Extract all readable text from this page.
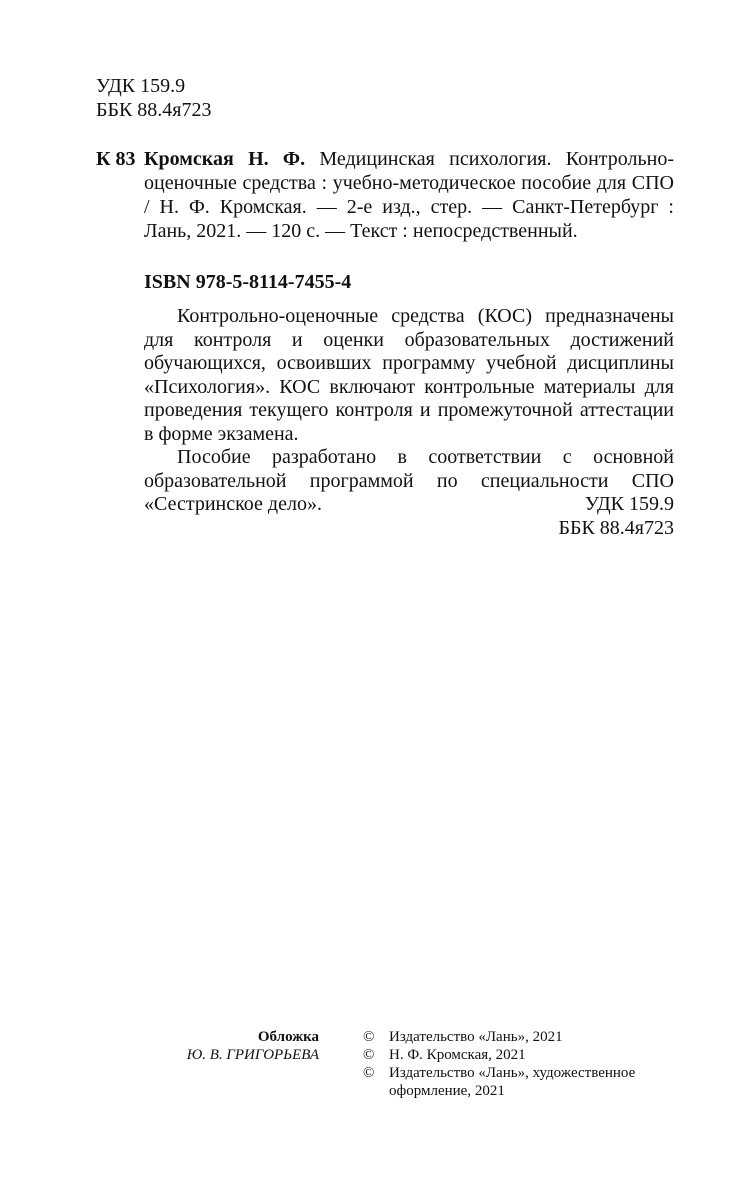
УДК 159.9
ББК 88.4я723
К 83 Кромская Н. Ф. Медицинская психология. Контрольно-оценочные средства : учебно-методическое пособие для СПО / Н. Ф. Кромская. — 2-е изд., стер. — Санкт-Петербург : Лань, 2021. — 120 с. — Текст : непосредственный.
ISBN 978-5-8114-7455-4

Контрольно-оценочные средства (КОС) предназначены для контроля и оценки образовательных достижений обучающихся, освоивших программу учебной дисциплины «Психология». КОС включают контрольные материалы для проведения текущего контроля и промежуточной аттестации в форме экзамена.

Пособие разработано в соответствии с основной образовательной программой по специальности СПО «Сестринское дело».	УДК 159.9
ББК 88.4я723
Обложка
Ю. В. ГРИГОРЬЕВА
© Издательство «Лань», 2021
© Н. Ф. Кромская, 2021
© Издательство «Лань», художественное оформление, 2021
